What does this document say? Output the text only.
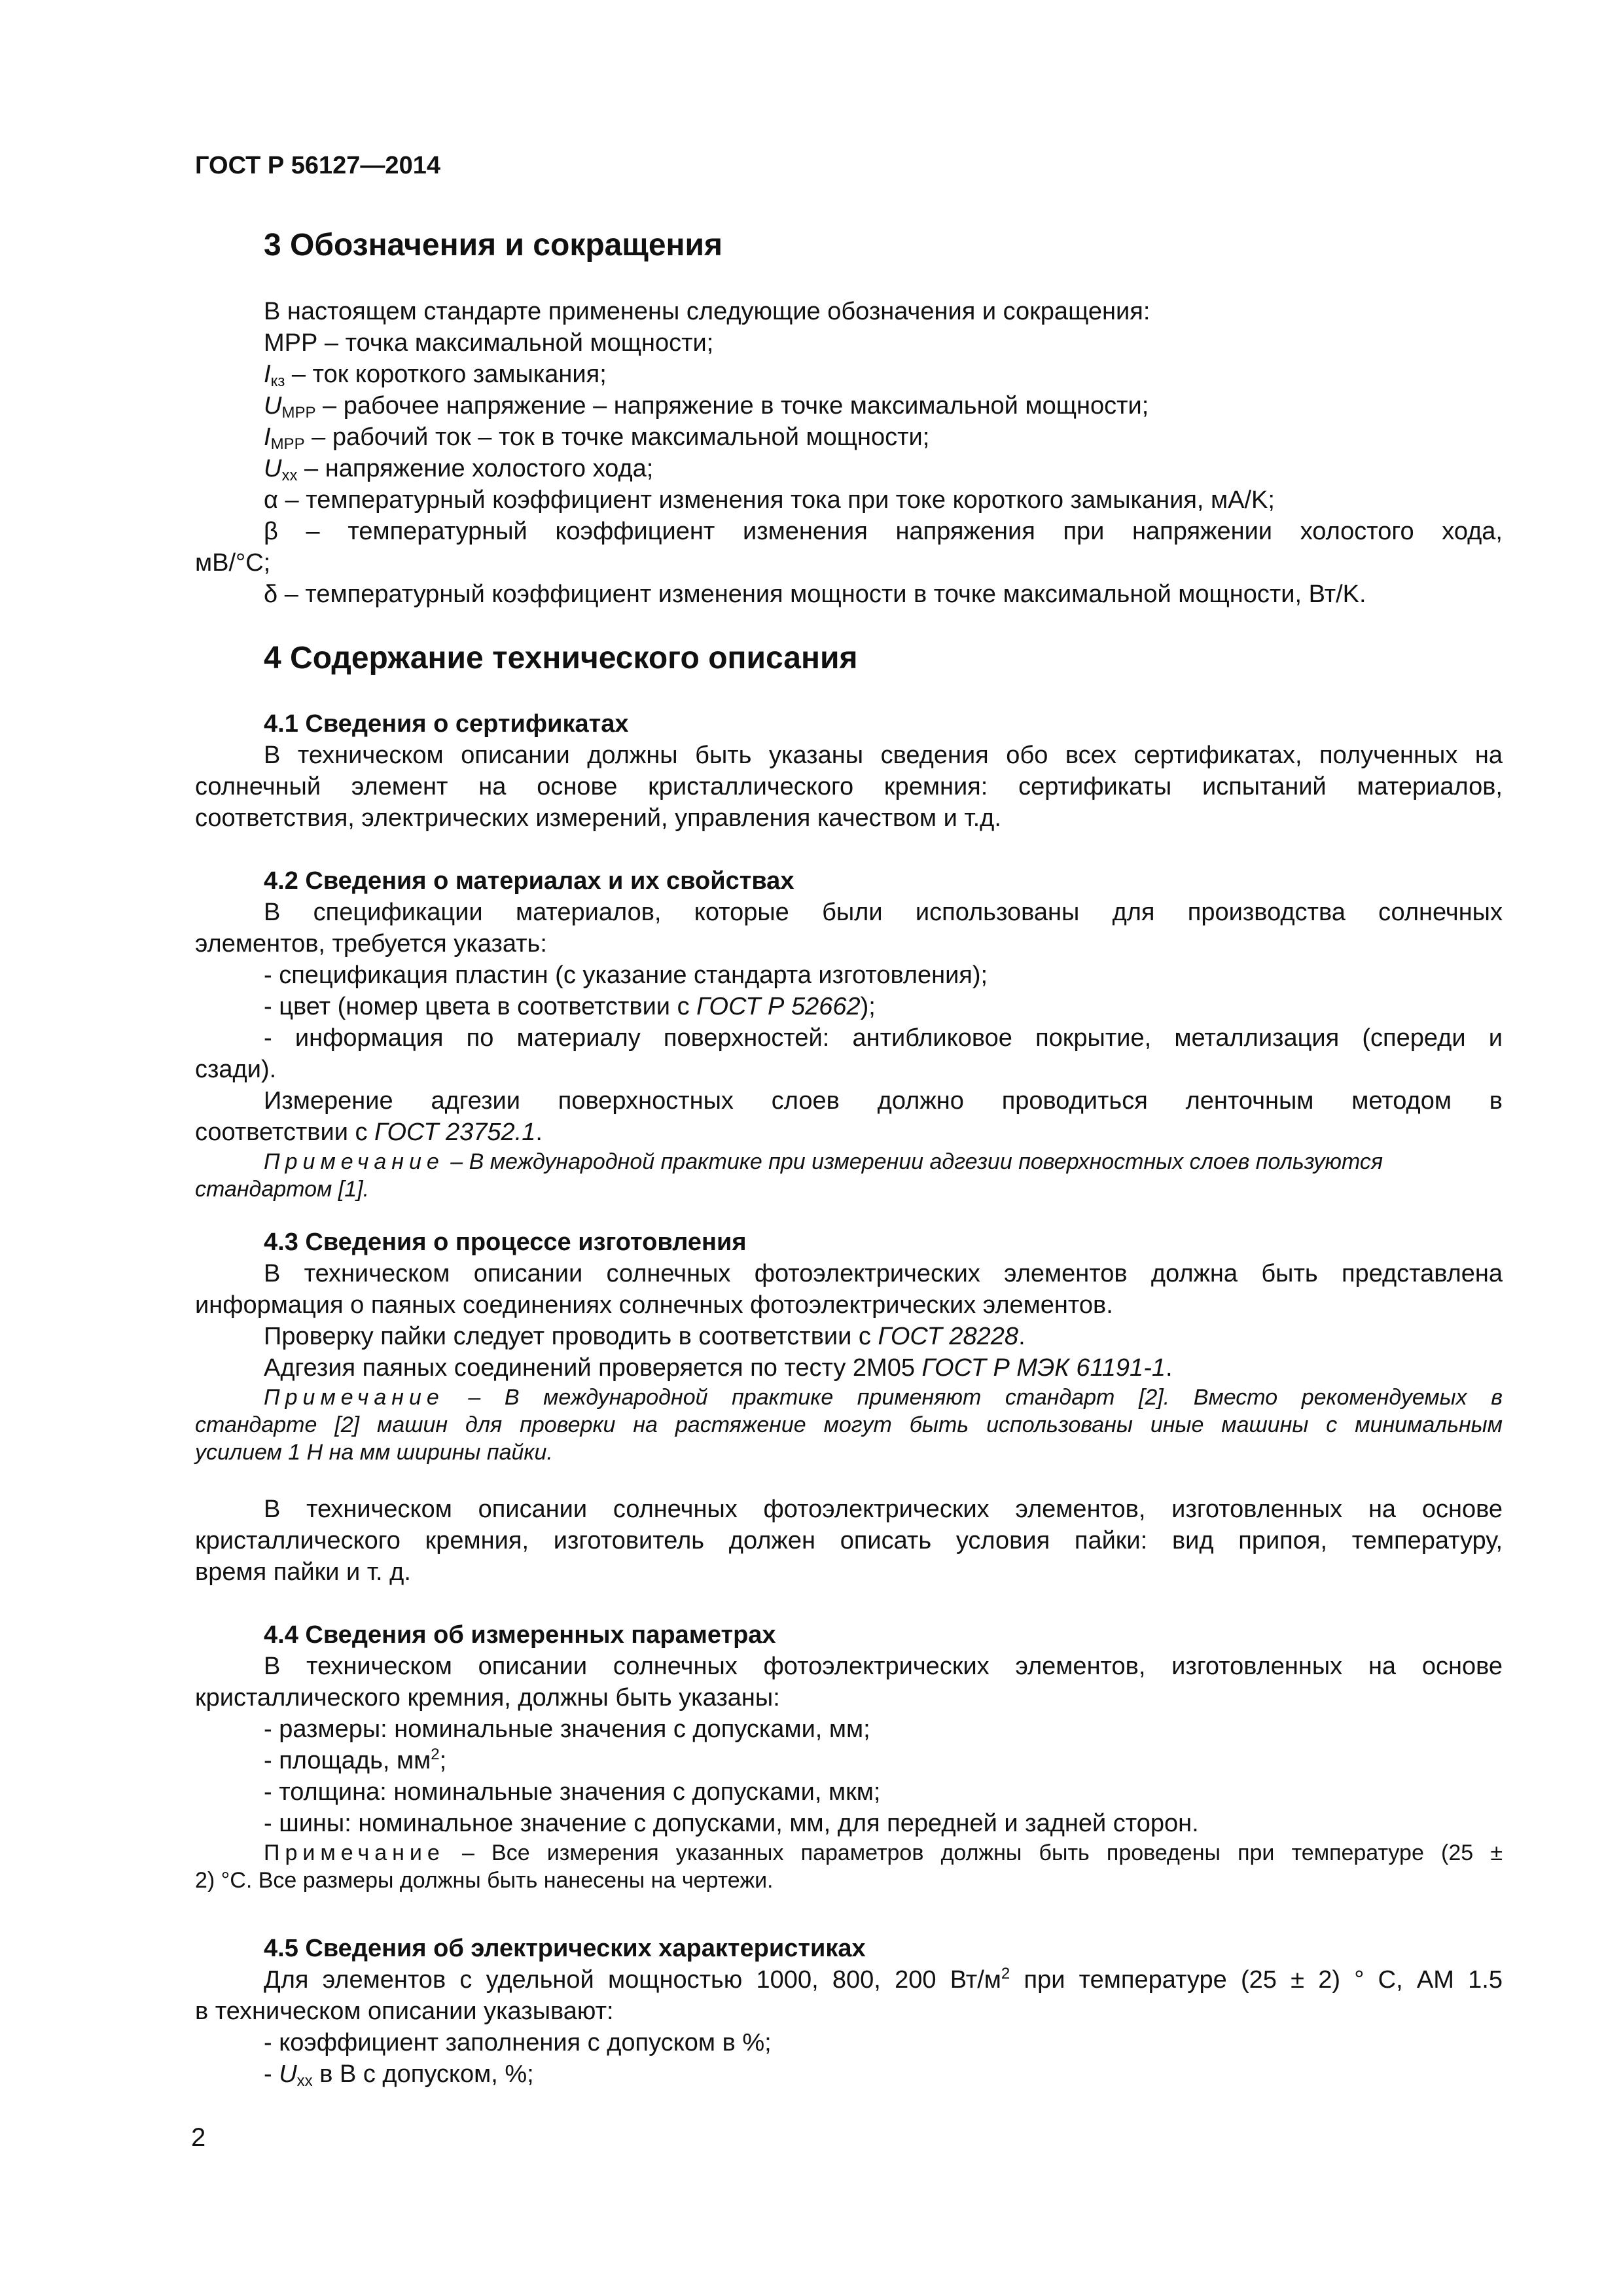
ГОСТ Р 56127—2014
3 Обозначения и сокращения
В настоящем стандарте применены следующие обозначения и сокращения:
МРР – точка максимальной мощности;
$I_{кз}$ – ток короткого замыкания;
$U_{МРР}$ – рабочее напряжение – напряжение в точке максимальной мощности;
$I_{МРР}$ – рабочий ток – ток в точке максимальной мощности;
$U_{хх}$ – напряжение холостого хода;
α – температурный коэффициент изменения тока при токе короткого замыкания, мА/K;
β – температурный коэффициент изменения напряжения при напряжении холостого хода,
мВ/°С;
δ – температурный коэффициент изменения мощности в точке максимальной мощности, Вт/K.
4 Содержание технического описания
4.1 Сведения о сертификатах
В техническом описании должны быть указаны сведения обо всех сертификатах, полученных на
солнечный элемент на основе кристаллического кремния: сертификаты испытаний материалов,
соответствия, электрических измерений, управления качеством и т.д.
4.2 Сведения о материалах и их свойствах
В спецификации материалов, которые были использованы для производства солнечных
элементов, требуется указать:
- спецификация пластин (с указание стандарта изготовления);
- цвет (номер цвета в соответствии с ГОСТ Р 52662);
- информация по материалу поверхностей: антибликовое покрытие, металлизация (спереди и
сзади).
Измерение адгезии поверхностных слоев должно проводиться ленточным методом в
соответствии с ГОСТ 23752.1.
Примечание – В международной практике при измерении адгезии поверхностных слоев пользуются
стандартом [1].
4.3 Сведения о процессе изготовления
В техническом описании солнечных фотоэлектрических элементов должна быть представлена
информация о паяных соединениях солнечных фотоэлектрических элементов.
Проверку пайки следует проводить в соответствии с ГОСТ 28228.
Адгезия паяных соединений проверяется по тесту 2М05 ГОСТ Р МЭК 61191-1.
Примечание – В международной практике применяют стандарт [2]. Вместо рекомендуемых в
стандарте [2] машин для проверки на растяжение могут быть использованы иные машины с минимальным
усилием 1 Н на мм ширины пайки.
В техническом описании солнечных фотоэлектрических элементов, изготовленных на основе
кристаллического кремния, изготовитель должен описать условия пайки: вид припоя, температуру,
время пайки и т. д.
4.4 Сведения об измеренных параметрах
В техническом описании солнечных фотоэлектрических элементов, изготовленных на основе
кристаллического кремния, должны быть указаны:
- размеры: номинальные значения с допусками, мм;
- площадь, $мм^2$;
- толщина: номинальные значения с допусками, мкм;
- шины: номинальное значение с допусками, мм, для передней и задней сторон.
Примечание – Все измерения указанных параметров должны быть проведены при температуре (25 ±
2) °С. Все размеры должны быть нанесены на чертежи.
4.5 Сведения об электрических характеристиках
Для элементов с удельной мощностью 1000, 800, 200 $Вт/м^2$ при температуре (25 ± 2) ° С, АМ 1.5
в техническом описании указывают:
- коэффициент заполнения с допуском в %;
- $U_{хх}$ в В с допуском, %;
2
